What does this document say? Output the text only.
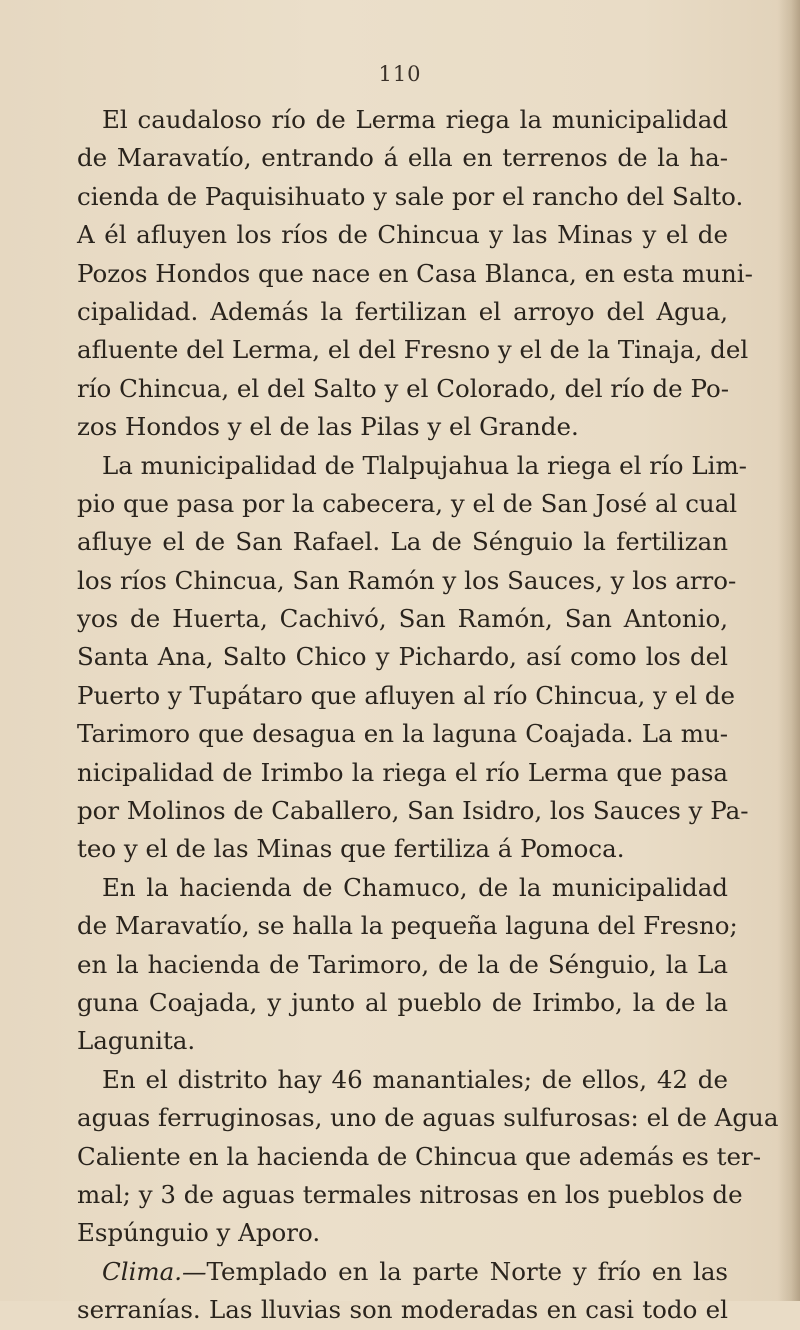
110
El caudaloso río de Lerma riega la municipalidad
de Maravatío, entrando á ella en terrenos de la ha-
cienda de Paquisihuato y sale por el rancho del Salto.
A él afluyen los ríos de Chincua y las Minas y el de
Pozos Hondos que nace en Casa Blanca, en esta muni-
cipalidad. Además la fertilizan el arroyo del Agua,
afluente del Lerma, el del Fresno y el de la Tinaja, del
río Chincua, el del Salto y el Colorado, del río de Po-
zos Hondos y el de las Pilas y el Grande.
La municipalidad de Tlalpujahua la riega el río Lim-
pio que pasa por la cabecera, y el de San José al cual
afluye el de San Rafael. La de Sénguio la fertilizan
los ríos Chincua, San Ramón y los Sauces, y los arro-
yos de Huerta, Cachivó, San Ramón, San Antonio,
Santa Ana, Salto Chico y Pichardo, así como los del
Puerto y Tupátaro que afluyen al río Chincua, y el de
Tarimoro que desagua en la laguna Coajada. La mu-
nicipalidad de Irimbo la riega el río Lerma que pasa
por Molinos de Caballero, San Isidro, los Sauces y Pa-
teo y el de las Minas que fertiliza á Pomoca.
En la hacienda de Chamuco, de la municipalidad
de Maravatío, se halla la pequeña laguna del Fresno;
en la hacienda de Tarimoro, de la de Sénguio, la La
guna Coajada, y junto al pueblo de Irimbo, la de la
Lagunita.
En el distrito hay 46 manantiales; de ellos, 42 de
aguas ferruginosas, uno de aguas sulfurosas: el de Agua
Caliente en la hacienda de Chincua que además es ter-
mal; y 3 de aguas termales nitrosas en los pueblos de
Espúnguio y Aporo.
Clima.—Templado en la parte Norte y frío en las
serranías. Las lluvias son moderadas en casi todo el
